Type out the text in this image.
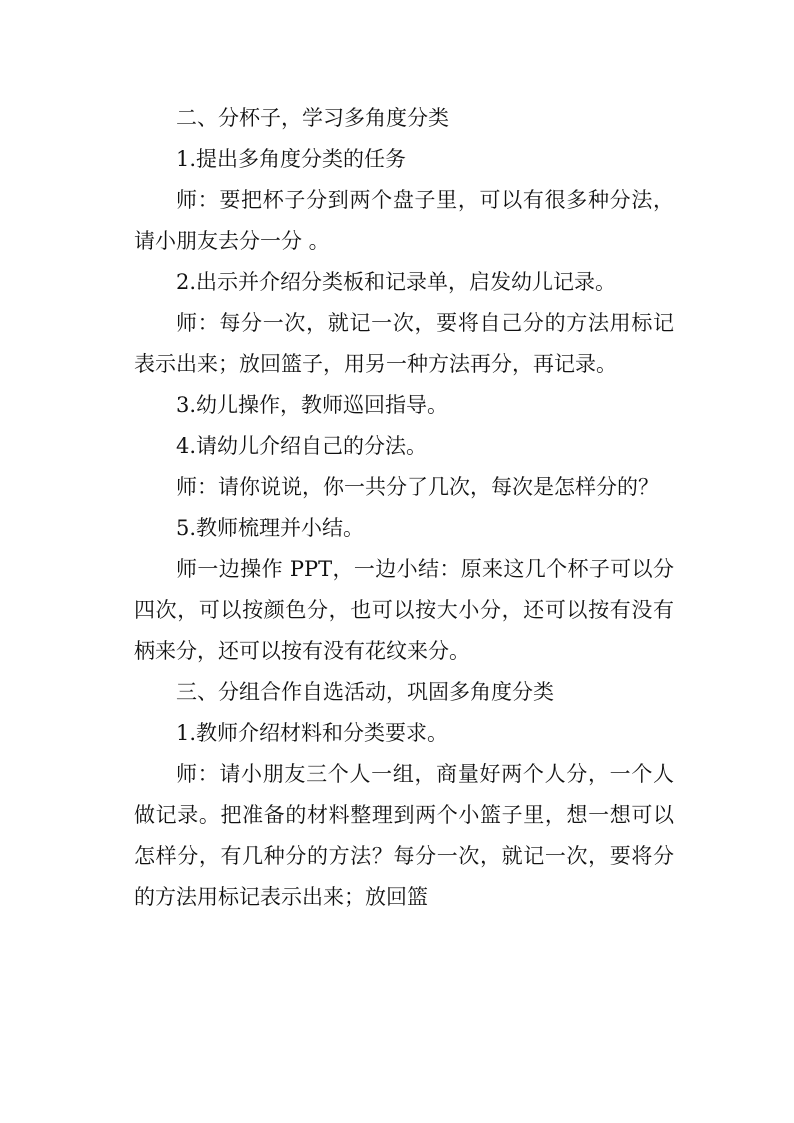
二、分杯子，学习多角度分类

1.提出多角度分类的任务

师：要把杯子分到两个盘子里，可以有很多种分法，请小朋友去分一分 。

2.出示并介绍分类板和记录单，启发幼儿记录。

师：每分一次，就记一次，要将自己分的方法用标记表示出来；放回篮子，用另一种方法再分，再记录。

3.幼儿操作，教师巡回指导。

4.请幼儿介绍自己的分法。

师：请你说说，你一共分了几次，每次是怎样分的？

5.教师梳理并小结。

师一边操作 PPT，一边小结：原来这几个杯子可以分四次，可以按颜色分，也可以按大小分，还可以按有没有柄来分，还可以按有没有花纹来分。

三、分组合作自选活动，巩固多角度分类

1.教师介绍材料和分类要求。

师：请小朋友三个人一组，商量好两个人分，一个人做记录。把准备的材料整理到两个小篮子里，想一想可以怎样分，有几种分的方法？每分一次，就记一次，要将分的方法用标记表示出来；放回篮
